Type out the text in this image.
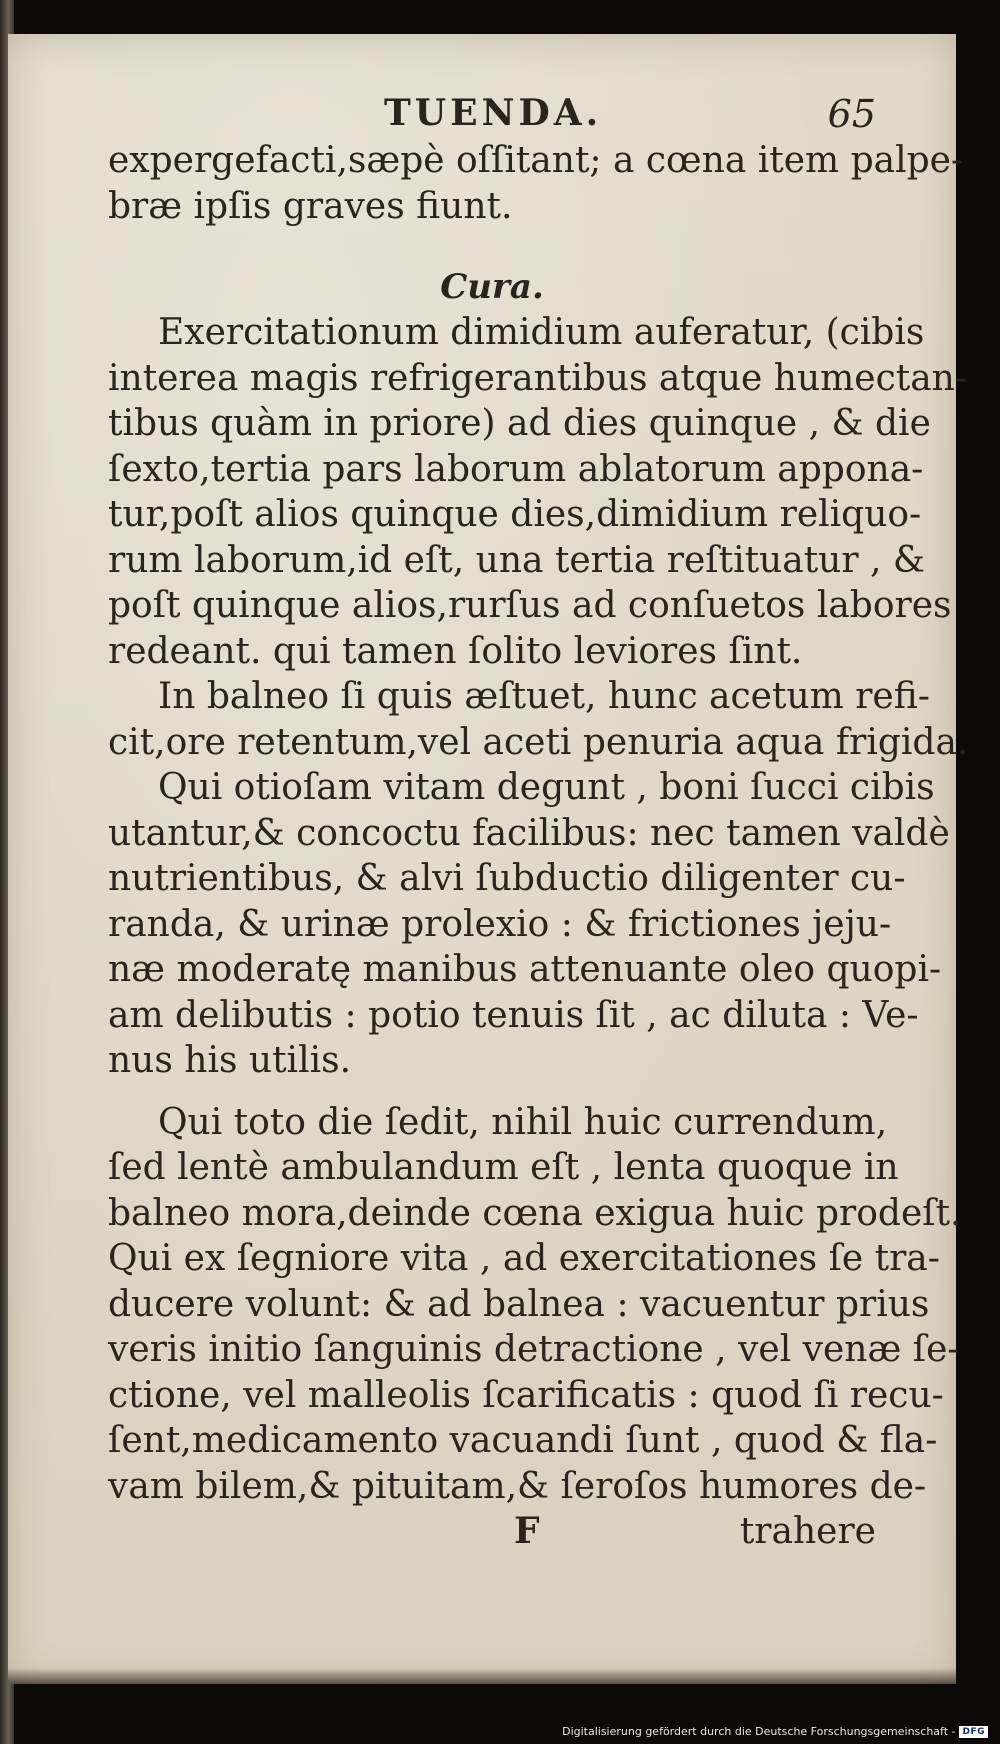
TUENDA.	65
expergefacti,sæpè oſſitant; a cœna item palpe-
bræ ipſis graves fiunt.
Cura.
Exercitationum dimidium auferatur, (cibis
interea magis refrigerantibus atque humectan-
tibus quàm in priore) ad dies quinque , & die
ſexto,tertia pars laborum ablatorum appona-
tur,poſt alios quinque dies,dimidium reliquo-
rum laborum,id eſt, una tertia reſtituatur , &
poſt quinque alios,rurſus ad conſuetos labores
redeant. qui tamen ſolito leviores ſint.
In balneo ſi quis æſtuet, hunc acetum refi-
cit,ore retentum,vel aceti penuria aqua frigida.
Qui otioſam vitam degunt , boni ſucci cibis
utantur,& concoctu facilibus: nec tamen valdè
nutrientibus, & alvi ſubductio diligenter cu-
randa, & urinæ prolexio : & frictiones jeju-
næ moderatę manibus attenuante oleo quopi-
am delibutis : potio tenuis ſit , ac diluta : Ve-
nus his utilis.
Qui toto die ſedit, nihil huic currendum,
ſed lentè ambulandum eſt , lenta quoque in
balneo mora,deinde cœna exigua huic prodeſt.
Qui ex ſegniore vita , ad exercitationes ſe tra-
ducere volunt: & ad balnea : vacuentur prius
veris initio ſanguinis detractione , vel venæ ſe-
ctione, vel malleolis ſcarificatis : quod ſi recu-
ſent,medicamento vacuandi ſunt , quod & fla-
vam bilem,& pituitam,& ſeroſos humores de-
F	trahere
Digitalisierung gefördert durch die Deutsche Forschungsgemeinschaft - DFG
